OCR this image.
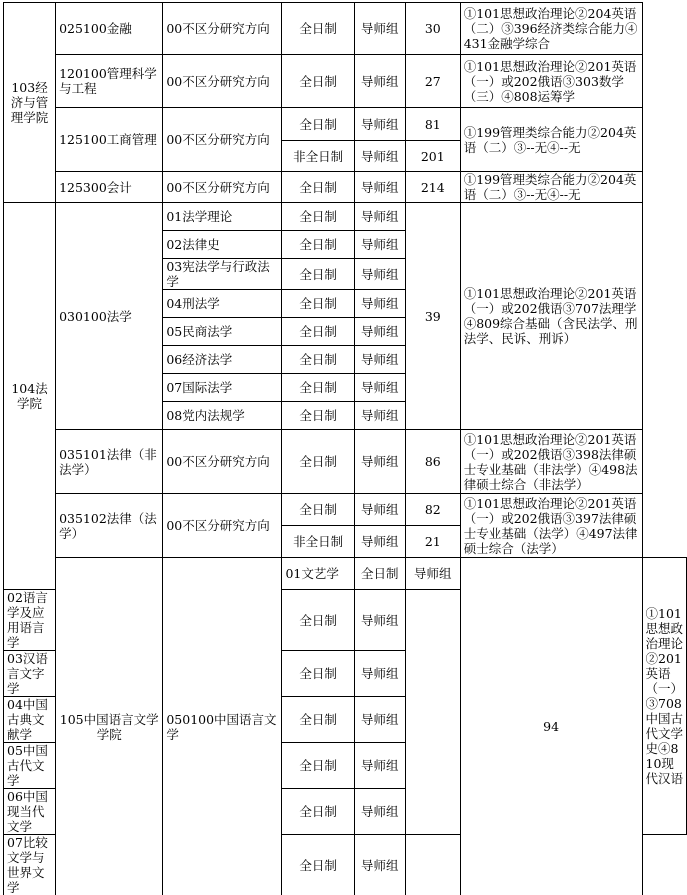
103经济与管理学院	025100金融	00不区分研究方向	全日制	导师组	30	①101思想政治理论②204英语（二）③396经济类综合能力④431金融学综合	
	120100管理科学与工程	00不区分研究方向	全日制	导师组	27	①101思想政治理论②201英语（一）或202俄语③303数学（三）④808运筹学	
	125100工商管理	00不区分研究方向	全日制	导师组	81	①199管理类综合能力②204英语（二）③--无④--无	
			非全日制	导师组	201		
	125300会计	00不区分研究方向	全日制	导师组	214	①199管理类综合能力②204英语（二）③--无④--无	
104法学院	030100法学	01法学理论	全日制	导师组	39	①101思想政治理论②201英语（一）或202俄语③707法理学④809综合基础（含民法学、刑法学、民诉、刑诉）	
		02法律史	全日制	导师组			
		03宪法学与行政法学	全日制	导师组			
		04刑法学	全日制	导师组			
		05民商法学	全日制	导师组			
		06经济法学	全日制	导师组			
		07国际法学	全日制	导师组			
		08党内法规学	全日制	导师组			
	035101法律（非法学）	00不区分研究方向	全日制	导师组	86	①101思想政治理论②201英语（一）或202俄语③398法律硕士专业基础（非法学）④498法律硕士综合（非法学）	
	035102法律（法学）	00不区分研究方向	全日制	导师组	82	①101思想政治理论②201英语（一）或202俄语③397法律硕士专业基础（法学）④497法律硕士综合（法学）	
			非全日制	导师组	21		
	105中国语言文学学院	050100中国语言文学	01文艺学	全日制	导师组	94	①101思想政治理论②201英语（一）③708中国古代文学史④810现代汉语
02语言学及应用语言学			全日制	导师组			
03汉语言文字学			全日制	导师组			
04中国古典文献学			全日制	导师组			
05中国古代文学			全日制	导师组			
06中国现当代文学			全日制	导师组			
07比较文学与世界文学			全日制	导师组			
